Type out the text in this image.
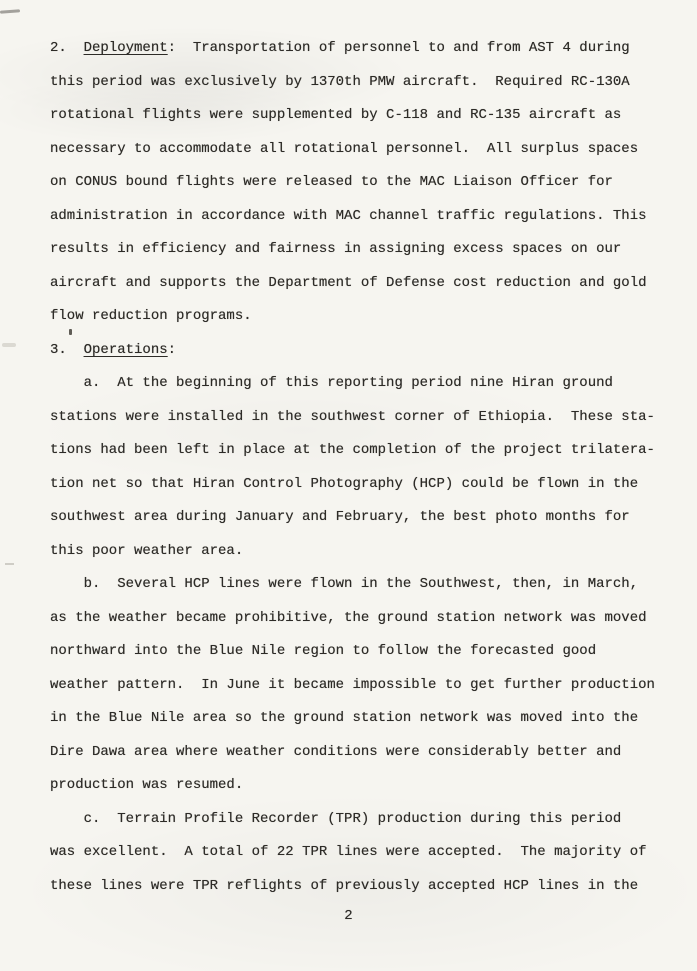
2.  Deployment:  Transportation of personnel to and from AST 4 during
this period was exclusively by 1370th PMW aircraft.  Required RC-130A
rotational flights were supplemented by C-118 and RC-135 aircraft as
necessary to accommodate all rotational personnel.  All surplus spaces
on CONUS bound flights were released to the MAC Liaison Officer for
administration in accordance with MAC channel traffic regulations. This
results in efficiency and fairness in assigning excess spaces on our
aircraft and supports the Department of Defense cost reduction and gold
flow reduction programs.
3.  Operations:
a.  At the beginning of this reporting period nine Hiran ground
stations were installed in the southwest corner of Ethiopia.  These sta-
tions had been left in place at the completion of the project trilatera-
tion net so that Hiran Control Photography (HCP) could be flown in the
southwest area during January and February, the best photo months for
this poor weather area.
b.  Several HCP lines were flown in the Southwest, then, in March,
as the weather became prohibitive, the ground station network was moved
northward into the Blue Nile region to follow the forecasted good
weather pattern.  In June it became impossible to get further production
in the Blue Nile area so the ground station network was moved into the
Dire Dawa area where weather conditions were considerably better and
production was resumed.
c.  Terrain Profile Recorder (TPR) production during this period
was excellent.  A total of 22 TPR lines were accepted.  The majority of
these lines were TPR reflights of previously accepted HCP lines in the
2
